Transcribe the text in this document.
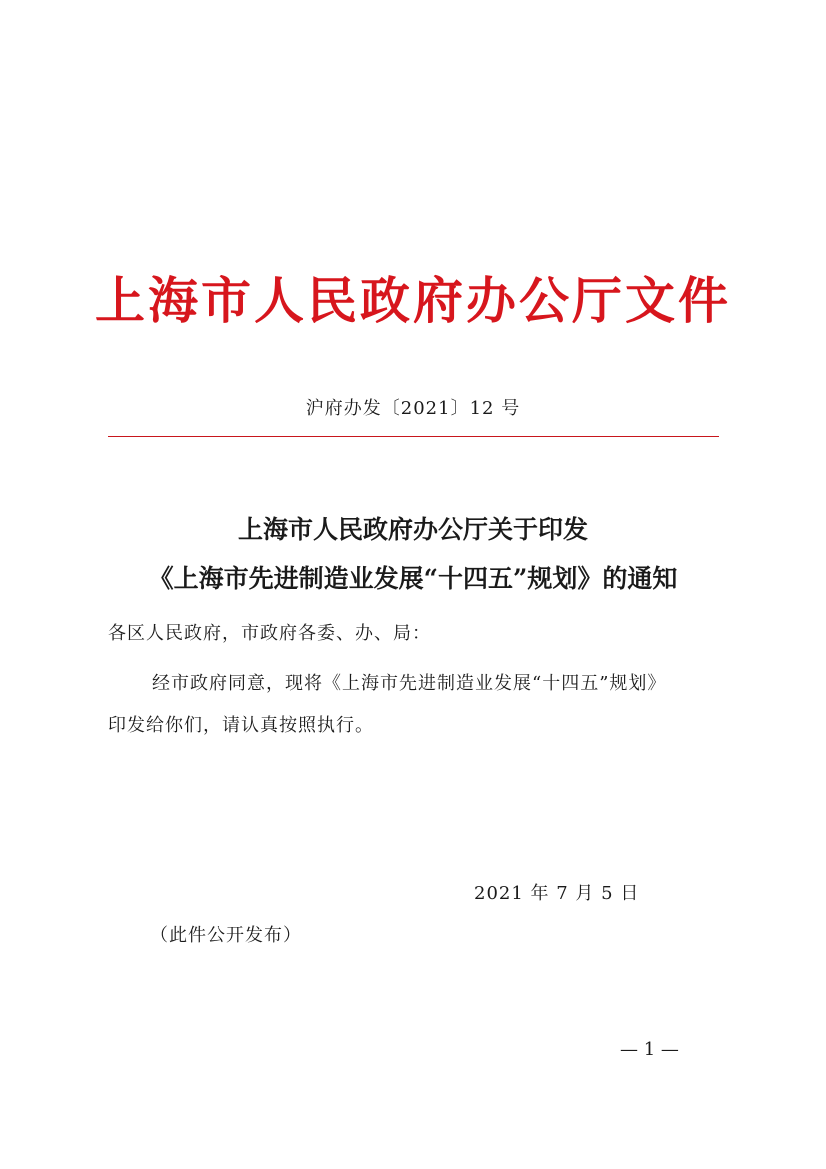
上海市人民政府办公厅文件
沪府办发〔2021〕12 号
上海市人民政府办公厅关于印发
《上海市先进制造业发展“十四五”规划》的通知
各区人民政府，市政府各委、办、局：
经市政府同意，现将《上海市先进制造业发展“十四五”规划》
印发给你们，请认真按照执行。
2021 年 7 月 5 日
（此件公开发布）
— 1 —
